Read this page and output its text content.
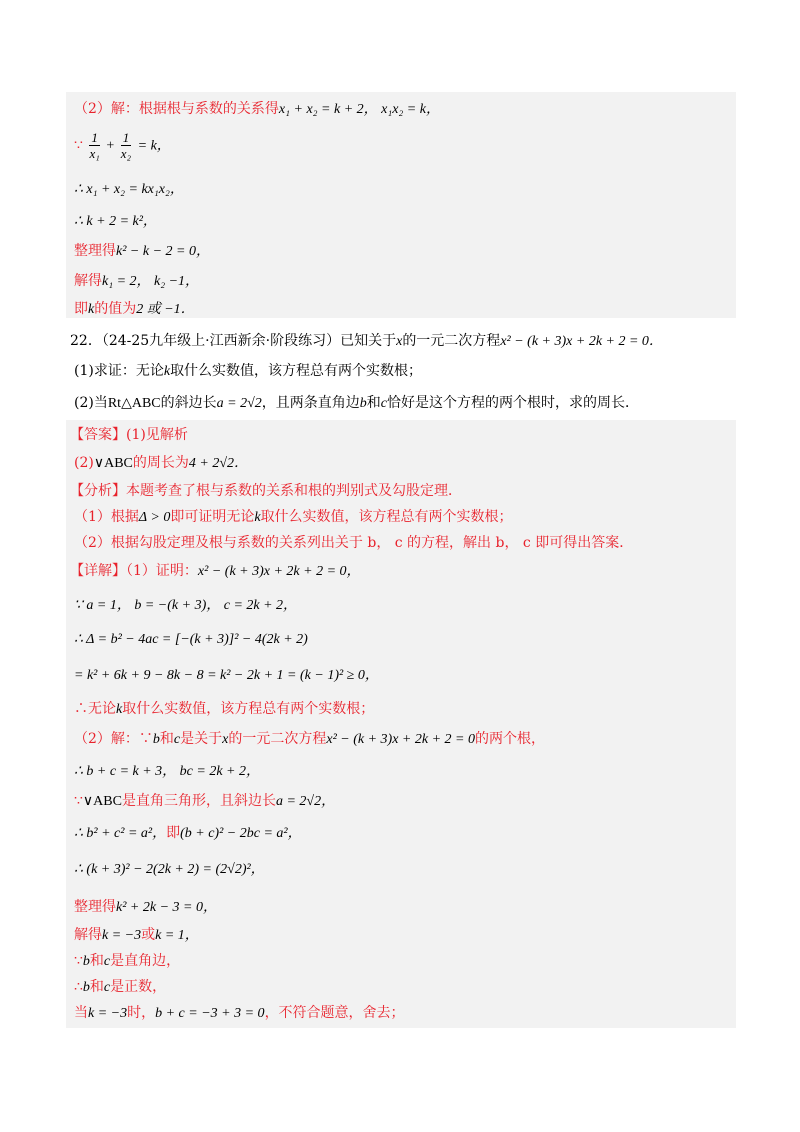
（2）解：根据根与系数的关系得x₁ + x₂ = k + 2， x₁x₂ = k，
∵ $\frac{1}{\text{x₁}} + \frac{1}{\text{x₂}} = k$，
∴ x₁ + x₂ = kx₁x₂，
∴ k + 2 = k²，
整理得k² − k − 2 = 0，
解得k₁ = 2， k₂ −1，
即k的值为2 或 −1．
22．（24-25九年级上·江西新余·阶段练习）已知关于x的一元二次方程x² − (k + 3)x + 2k + 2 = 0．
(1)求证：无论k取什么实数值，该方程总有两个实数根；
(2)当Rt△ABC的斜边长a = 2√2，且两条直角边b和c恰好是这个方程的两个根时，求的周长．
【答案】(1)见解析
(2)∨ABC的周长为4 + 2√2．
【分析】本题考查了根与系数的关系和根的判别式及勾股定理．
（1）根据Δ > 0即可证明无论k取什么实数值，该方程总有两个实数根；
（2）根据勾股定理及根与系数的关系列出关于 b， c 的方程，解出 b， c 即可得出答案．
【详解】（1）证明：x² − (k + 3)x + 2k + 2 = 0，
∵ a = 1， b = −(k + 3)， c = 2k + 2，
∴ Δ = b² − 4ac = [−(k + 3)]² − 4(2k + 2)
= k² + 6k + 9 − 8k − 8 = k² − 2k + 1 = (k − 1)² ≥ 0，
∴无论k取什么实数值，该方程总有两个实数根；
（2）解：∵b和c是关于x的一元二次方程x² − (k + 3)x + 2k + 2 = 0的两个根，
∴ b + c = k + 3， bc = 2k + 2，
∵∨ABC是直角三角形，且斜边长a = 2√2，
∴ b² + c² = a²，即(b + c)² − 2bc = a²，
∴ (k + 3)² − 2(2k + 2) = (2√2)²，
整理得k² + 2k − 3 = 0，
解得k = −3或k = 1，
∵b和c是直角边，
∴b和c是正数，
当k = −3时，b + c = −3 + 3 = 0，不符合题意，舍去；
